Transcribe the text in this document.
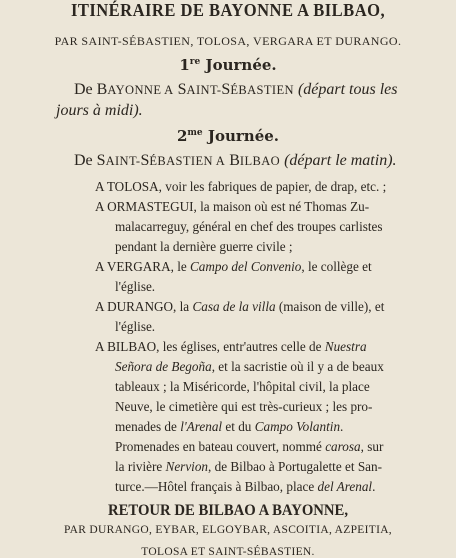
ITINÉRAIRE DE BAYONNE A BILBAO,
PAR SAINT-SÉBASTIEN, TOLOSA, VERGARA ET DURANGO.
1re Journée.
De BAYONNE A SAINT-SÉBASTIEN (départ tous les
jours à midi).
$2^{me}$ Journée.
De SAINT-SÉBASTIEN A BILBAO (départ le matin).
A TOLOSA, voir les fabriques de papier, de drap, etc. ;
A ORMASTEGUI, la maison où est né Thomas Zu-
malacarreguy, général en chef des troupes carlistes
pendant la dernière guerre civile ;
A VERGARA, le Campo del Convenio, le collège et
l'église.
A DURANGO, la Casa de la villa (maison de ville), et
l'église.
A BILBAO, les églises, entr'autres celle de Nuestra
Señora de Begoña, et la sacristie où il y a de beaux
tableaux ; la Miséricorde, l'hôpital civil, la place
Neuve, le cimetière qui est très-curieux ; les pro-
menades de l'Arenal et du Campo Volantin.
Promenades en bateau couvert, nommé carosa, sur
la rivière Nervion, de Bilbao à Portugalette et San-
turce.—Hôtel français à Bilbao, place del Arenal.
RETOUR DE BILBAO A BAYONNE,
PAR DURANGO, EYBAR, ELGOYBAR, ASCOITIA, AZPEITIA,
TOLOSA ET SAINT-SÉBASTIEN.
